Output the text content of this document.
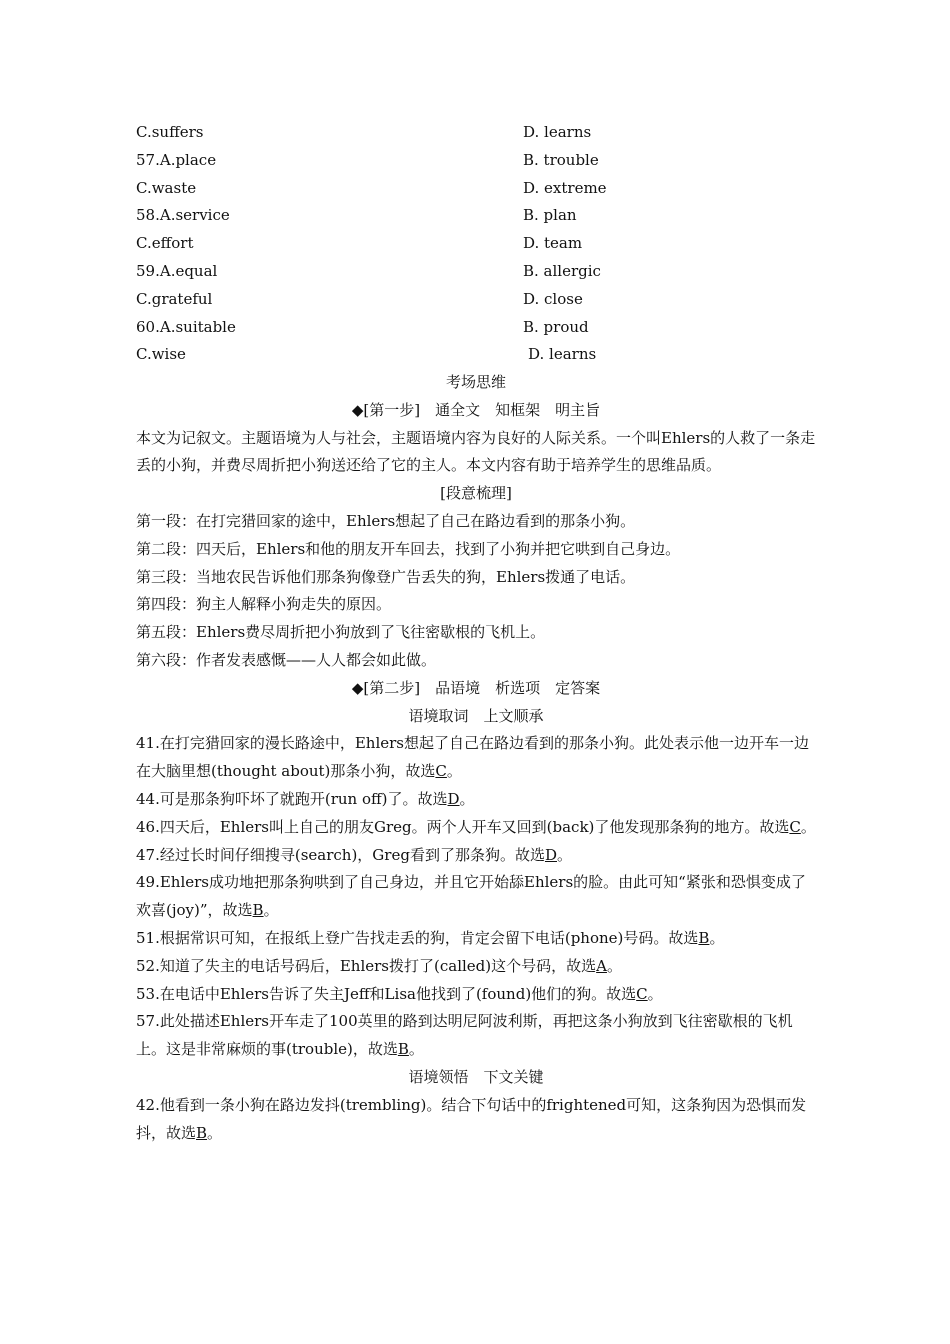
C.suffers	D. learns
57.A.place	B. trouble
C.waste	D. extreme
58.A.service	B. plan
C.effort	D. team
59.A.equal	B. allergic
C.grateful	D. close
60.A.suitable	B. proud
C.wise	D. learns

考场思维

◆[第一步]　通全文　知框架　明主旨

本文为记叙文。主题语境为人与社会，主题语境内容为良好的人际关系。一个叫Ehlers的人救了一条走丢的小狗，并费尽周折把小狗送还给了它的主人。本文内容有助于培养学生的思维品质。

[段意梳理]

第一段：在打完猎回家的途中，Ehlers想起了自己在路边看到的那条小狗。

第二段：四天后，Ehlers和他的朋友开车回去，找到了小狗并把它哄到自己身边。

第三段：当地农民告诉他们那条狗像登广告丢失的狗，Ehlers拨通了电话。

第四段：狗主人解释小狗走失的原因。

第五段：Ehlers费尽周折把小狗放到了飞往密歇根的飞机上。

第六段：作者发表感慨——人人都会如此做。

◆[第二步]　品语境　析选项　定答案

语境取词　上文顺承

41.在打完猎回家的漫长路途中，Ehlers想起了自己在路边看到的那条小狗。此处表示他一边开车一边在大脑里想(thought about)那条小狗，故选C。

44.可是那条狗吓坏了就跑开(run off)了。故选D。

46.四天后，Ehlers叫上自己的朋友Greg。两个人开车又回到(back)了他发现那条狗的地方。故选C。

47.经过长时间仔细搜寻(search)，Greg看到了那条狗。故选D。

49.Ehlers成功地把那条狗哄到了自己身边，并且它开始舔Ehlers的脸。由此可知“紧张和恐惧变成了欢喜(joy)”，故选B。

51.根据常识可知，在报纸上登广告找走丢的狗，肯定会留下电话(phone)号码。故选B。

52.知道了失主的电话号码后，Ehlers拨打了(called)这个号码，故选A。

53.在电话中Ehlers告诉了失主Jeff和Lisa他找到了(found)他们的狗。故选C。

57.此处描述Ehlers开车走了100英里的路到达明尼阿波利斯，再把这条小狗放到飞往密歇根的飞机上。这是非常麻烦的事(trouble)，故选B。

语境领悟　下文关键

42.他看到一条小狗在路边发抖(trembling)。结合下句话中的frightened可知，这条狗因为恐惧而发抖，故选B。
